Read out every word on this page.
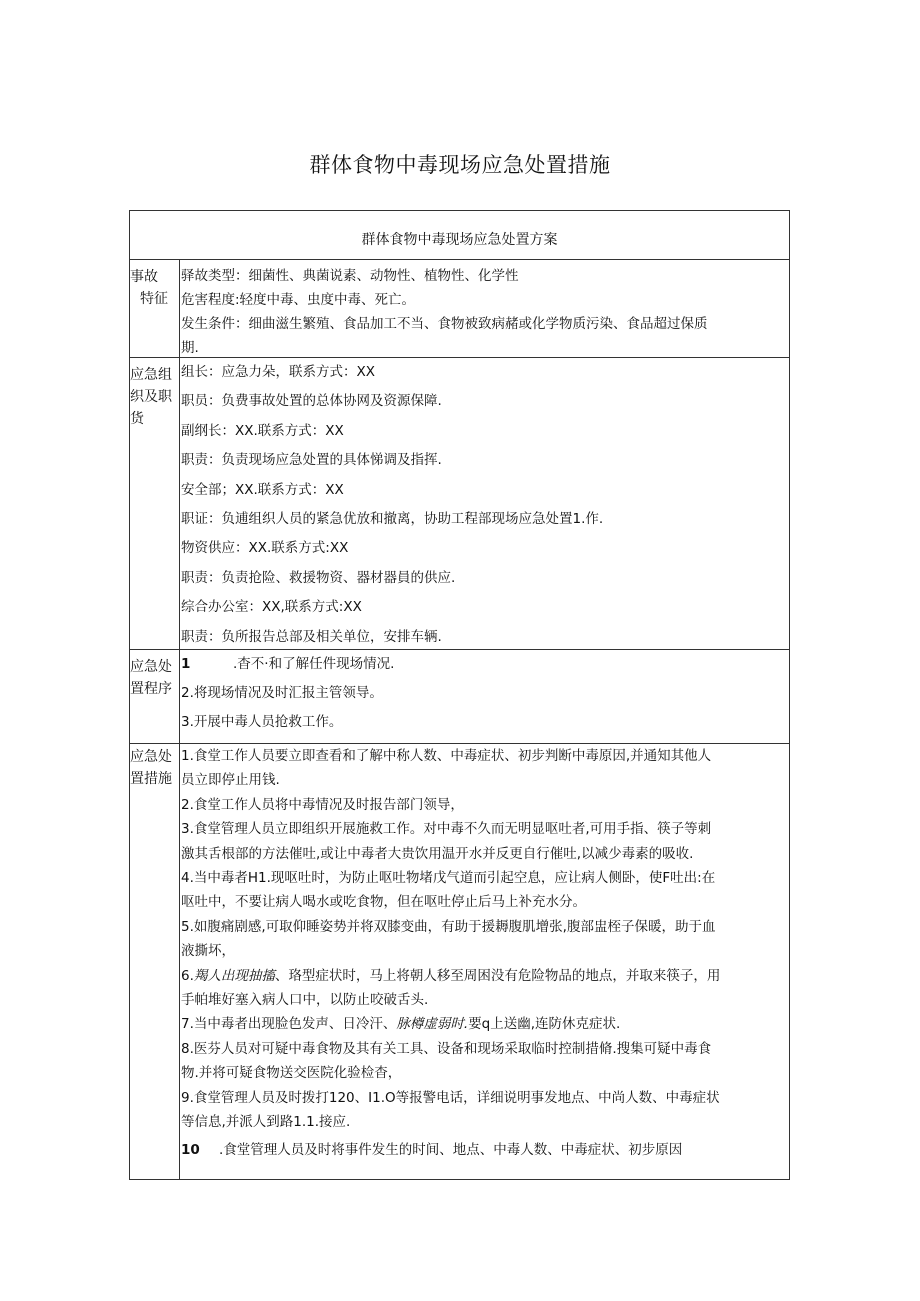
群体食物中毒现场应急处置措施
群体食物中毒现场应急处置方案
事故
特征
驿故类型：细菌性、典菌说素、动物性、植物性、化学性
危害程度:轻度中毒、虫度中毒、死亡。
发生条件：细曲滋生繁殖、食品加工不当、食物被致病赭或化学物质污染、食品超过保质
期.
应急组
织及职
货
组长：应急力朵，联系方式：XX
职员：负费事故处置的总体协网及资源保障.
副纲长：XX.联系方式：XX
职责：负责现场应急处置的具体悌调及指挥.
安全部；XX.联系方式：XX
职证：负逋组织人员的紧急优放和撤离，协助工程部现场应急处置1.作.
物资供应：XX.联系方式:XX
职责：负责抢险、救援物资、器材器員的供应.
综合办公室：XX,联系方式:XX
职责：负所报告总部及相关单位，安排车辆.
应急处
置程序
1	.杳不·和了解任件现场情况.
2.将现场情况及时汇报主管领导。
3.开展中毒人员抢救工作。
应急处
置措施
1.食堂工作人员要立即查看和了解中称人数、中毒症状、初步判断中毒原因,并通知其他人
员立即停止用钱.
2.食堂工作人员将中毒情况及时报告部门领导，
3.食堂管理人员立即组织开展施救工作。对中毒不久而无明显呕吐者,可用手指、筷子等刺
激其舌根部的方法催吐,或让中毒者大贵饮用温开水并反更自行催吐,以减少毒素的吸收.
4.当中毒者H1.现呕吐时，为防止呕吐物堵戊气道而引起空息，应让病人侧卧，使F吐出:在
呕吐中，不要让病人喝水或吃食物，但在呕吐停止后马上补充水分。
5.如腹痛剧感,可取仰睡姿势并将双膝变曲，有助于援耨腹肌增张,腹部盅桎子保暖，助于血
液撕坏，
6.羯人出现抽搐、珞型症状时，马上将朝人移至周困没有危险物品的地点，并取来筷子，用
手帕堆好塞入病人口中，以防止咬破舌头.
7.当中毒者出现脸色发声、日冷汗、脉樽虚弱时.要q上送幽,连防休克症状.
8.医芬人员对可疑中毒食物及其有关工具、设备和现场采取临时控制措脩.搜集可疑中毒食
物.并将可疑食物送交医院化验检杳，
9.食堂管理人员及时拨打120、I1.O等报警电话，详细说明事发地点、中尚人数、中毒症状
等信息,并派人到路1.1.接应.
10 .食堂管理人员及时将事件发生的时间、地点、中毒人数、中毒症状、初步原因
